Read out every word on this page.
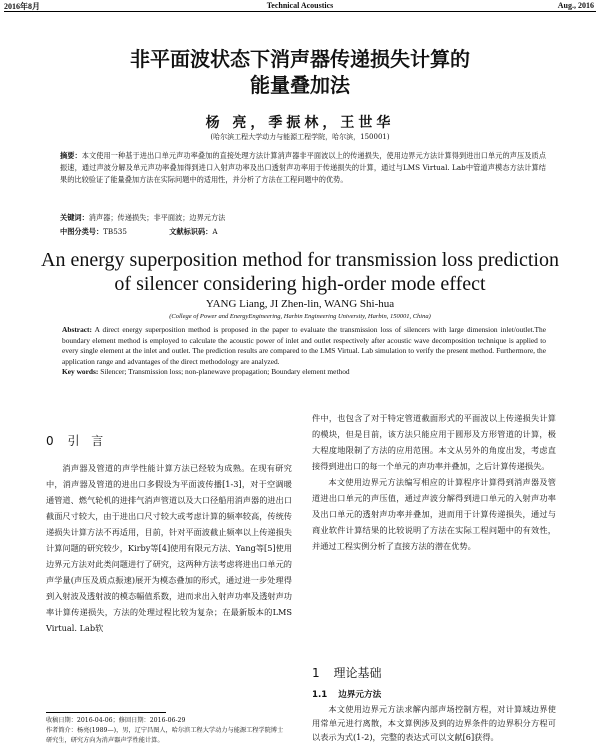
2016年8月	Technical Acoustics	Aug., 2016
非平面波状态下消声器传递损失计算的
能量叠加法
杨 亮，季振林，王世华
(哈尔滨工程大学动力与能源工程学院，哈尔滨，150001)
摘要：本文使用一种基于进出口单元声功率叠加的直接处理方法计算消声器非平面波以上的传递损失，使用边界元方法计算得到进出口单元的声压及质点振速，通过声波分解及单元声功率叠加得到进口入射声功率及出口透射声功率用于传递损失的计算，通过与LMS Virtual. Lab中管道声模态方法计算结果的比较验证了能量叠加方法在实际问题中的适用性，并分析了方法在工程问题中的优势。
关键词：消声器；传递损失；非平面波；边界元方法
中图分类号：TB535	文献标识码：A
An energy superposition method for transmission loss prediction
of silencer considering high-order mode effect
YANG Liang, JI Zhen-lin, WANG Shi-hua
(College of Power and EnergyEngineering, Harbin Engineering University, Harbin, 150001, China)
Abstract: A direct energy superposition method is proposed in the paper to evaluate the transmission loss of silencers with large dimension inlet/outlet.The boundary element method is employed to calculate the acoustic power of inlet and outlet respectively after acoustic wave decomposition technique is applied to every single element at the inlet and outlet. The prediction results are compared to the LMS Virtual. Lab simulation to verify the present method. Furthermore, the application range and advantages of the direct methodology are analyzed.
Key words: Silencer; Transmission loss; non-planewave propagation; Boundary element method
0 引 言

消声器及管道的声学性能计算方法已经较为成熟。在现有研究中，消声器及管道的进出口多假设为平面波传播[1-3]，对于空调暖通管道、燃气轮机的进排气消声管道以及大口径船用消声器的进出口截面尺寸较大，由于进出口尺寸较大或考虑计算的频率较高，传统传递损失计算方法不再适用，目前，针对平面波截止频率以上传递损失计算问题的研究较少，Kirby等[4]使用有限元方法、Yang等[5]使用边界元方法对此类问题进行了研究，这两种方法考虑将进出口单元的声学量(声压及质点振速)展开为模态叠加的形式，通过进一步处理得到入射波及透射波的模态幅值系数，进而求出入射声功率及透射声功率计算传递损失，方法的处理过程比较为复杂；在最新版本的LMS Virtual. Lab软

件中，也包含了对于特定管道截面形式的平面波以上传递损失计算的模块，但是目前，该方法只能应用于圆形及方形管道的计算，极大程度地限制了方法的应用范围。本文从另外的角度出发，考虑直接得到进出口的每一个单元的声功率并叠加，之后计算传递损失。

本文使用边界元方法编写相应的计算程序计算得到消声器及管道进出口单元的声压值，通过声波分解得到进口单元的入射声功率及出口单元的透射声功率并叠加，进而用于计算传递损失，通过与商业软件计算结果的比较说明了方法在实际工程问题中的有效性，并通过工程实例分析了直接方法的潜在优势。

1 理论基础
1.1 边界元方法

本文使用边界元方法求解内部声场控制方程，对计算域边界使用常单元进行离散，本文算例涉及到的边界条件的边界积分方程可以表示为式(1-2)，完整的表达式可以文献[6]获得。

收稿日期：2016-04-06；修回日期：2016-06-29
作者简介：杨亮(1989—)，男，辽宁昌图人，哈尔滨工程大学动力与能源工程学院博士研究生，研究方向为消声器声学性能计算。
